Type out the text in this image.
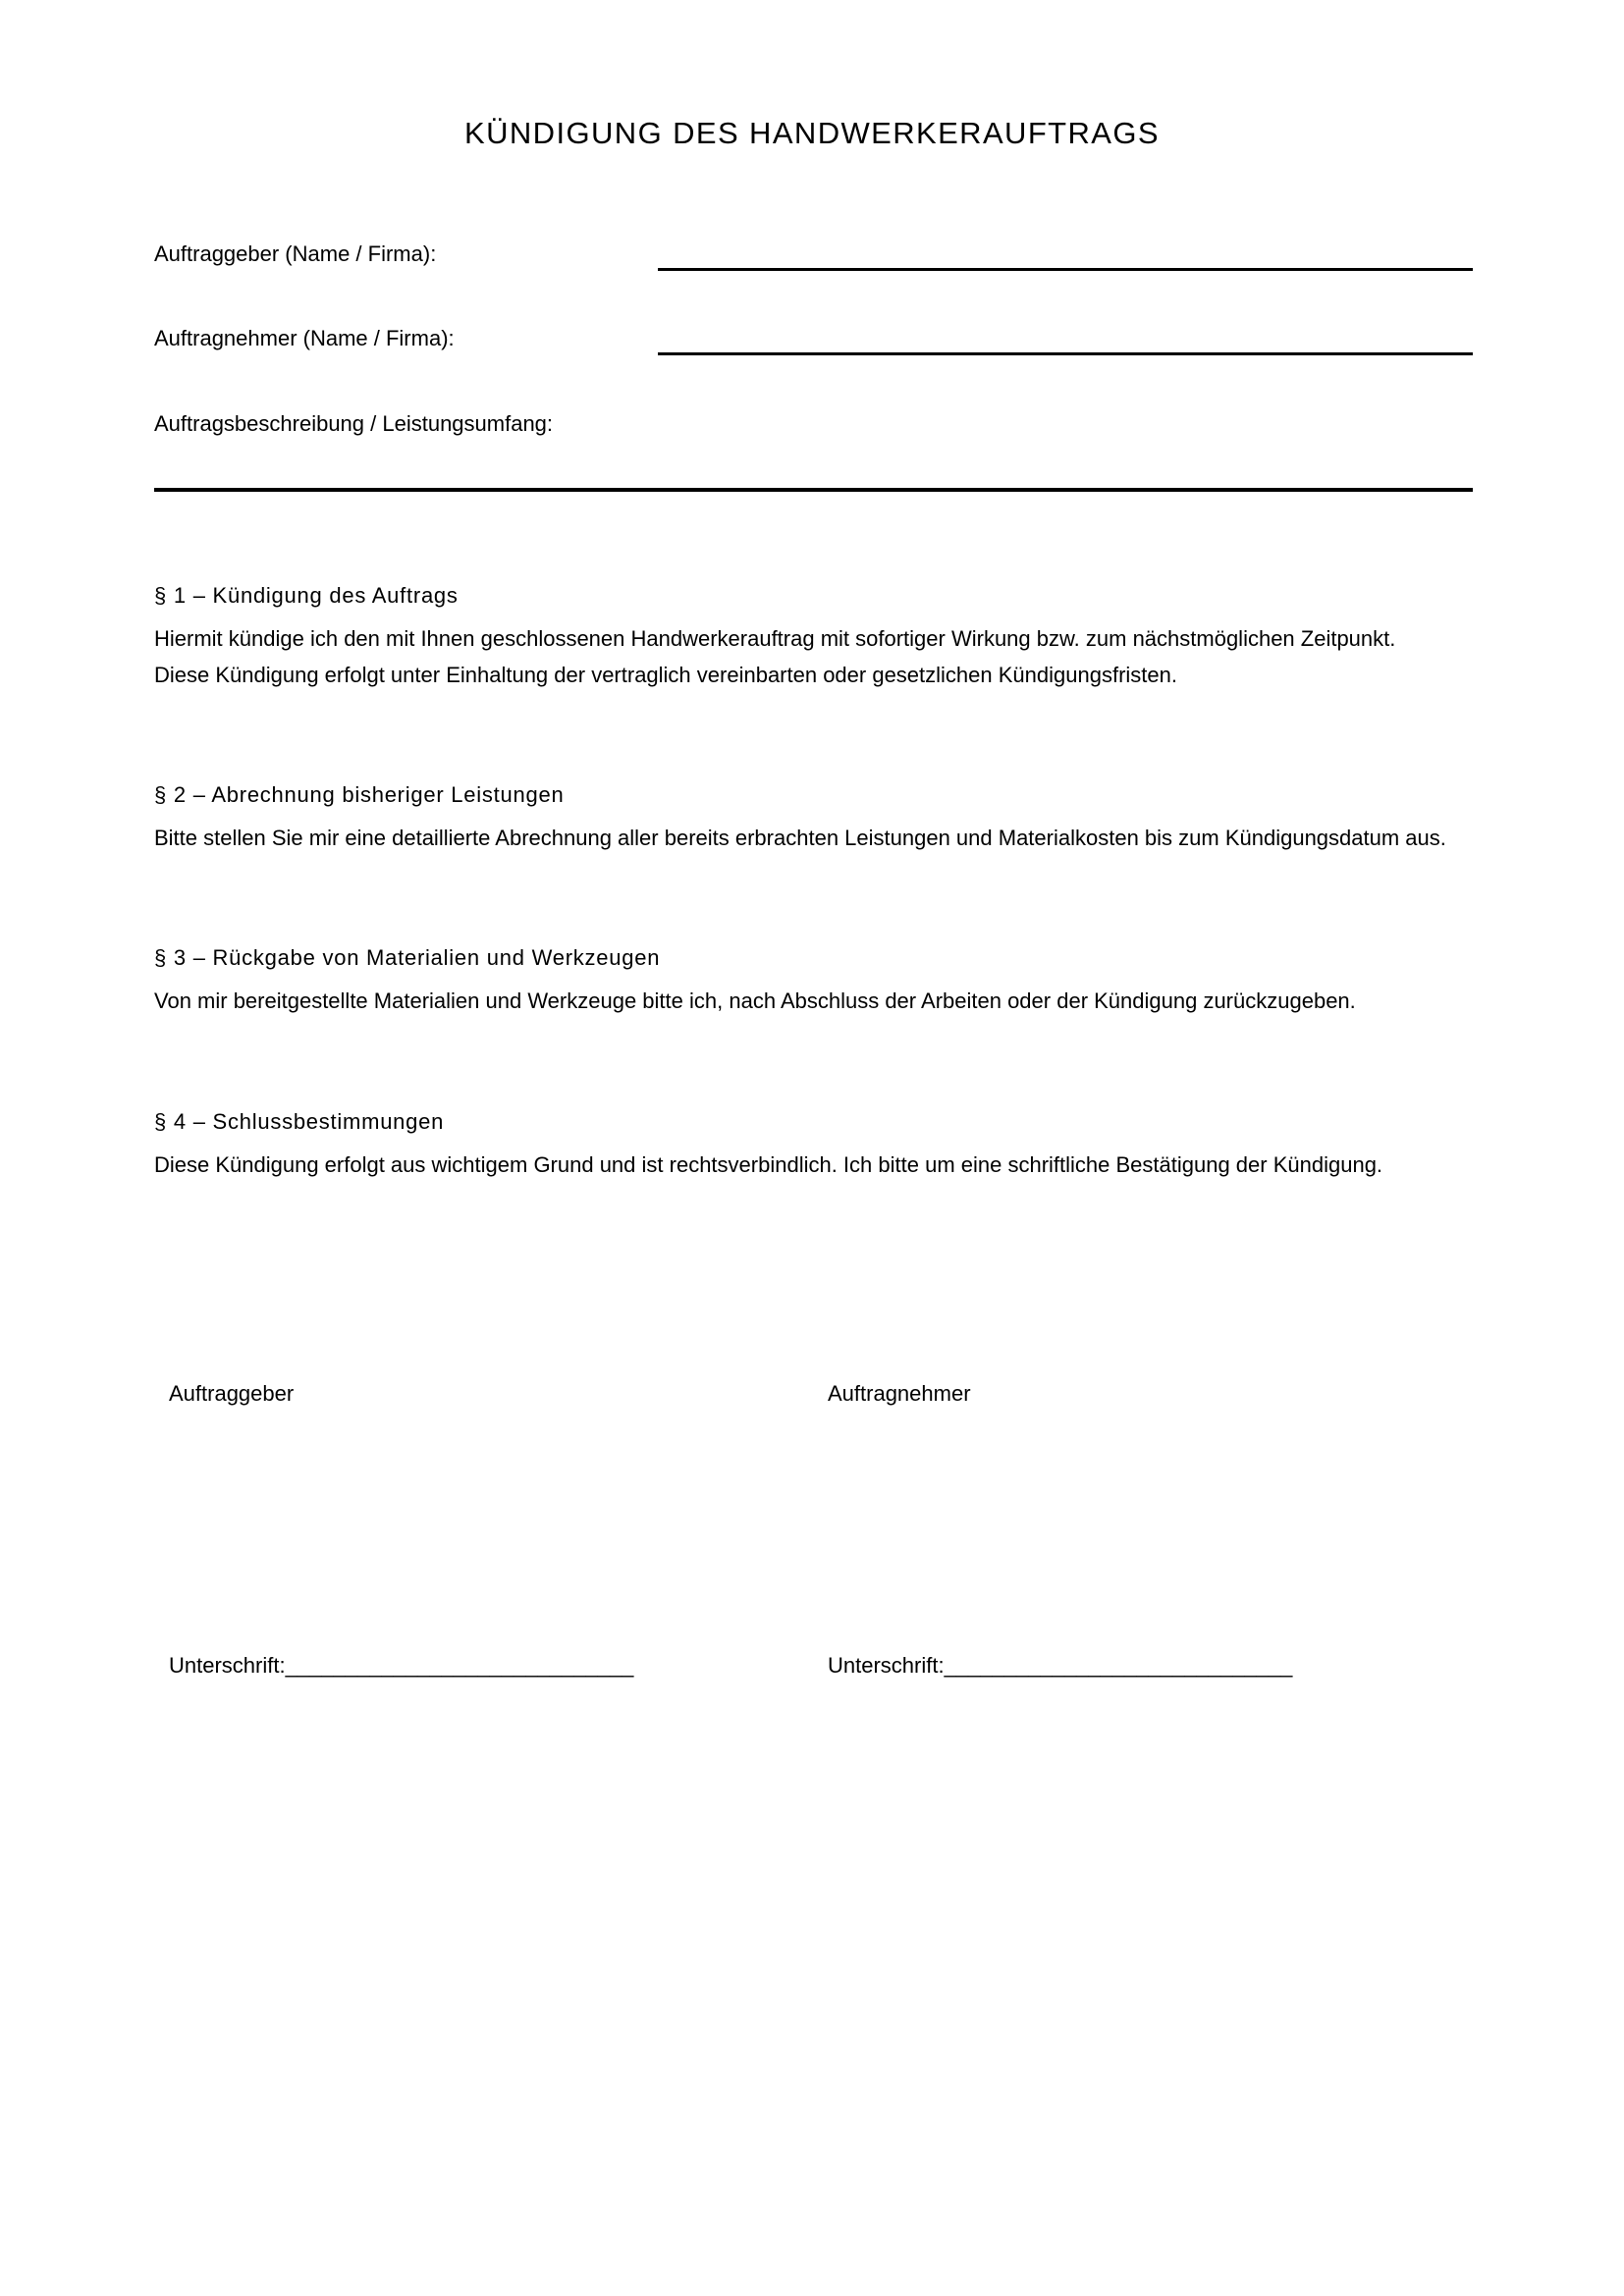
KÜNDIGUNG DES HANDWERKERAUFTRAGS
Auftraggeber (Name / Firma):
Auftragnehmer (Name / Firma):
Auftragsbeschreibung / Leistungsumfang:

§ 1 – Kündigung des Auftrags

Hiermit kündige ich den mit Ihnen geschlossenen Handwerkerauftrag mit sofortiger Wirkung bzw. zum nächstmöglichen Zeitpunkt. Diese Kündigung erfolgt unter Einhaltung der vertraglich vereinbarten oder gesetzlichen Kündigungsfristen.

§ 2 – Abrechnung bisheriger Leistungen

Bitte stellen Sie mir eine detaillierte Abrechnung aller bereits erbrachten Leistungen und Materialkosten bis zum Kündigungsdatum aus.

§ 3 – Rückgabe von Materialien und Werkzeugen

Von mir bereitgestellte Materialien und Werkzeuge bitte ich, nach Abschluss der Arbeiten oder der Kündigung zurückzugeben.

§ 4 – Schlussbestimmungen

Diese Kündigung erfolgt aus wichtigem Grund und ist rechtsverbindlich. Ich bitte um eine schriftliche Bestätigung der Kündigung.

Auftraggeber	Auftragnehmer
Unterschrift:_____________________________	Unterschrift:_____________________________
